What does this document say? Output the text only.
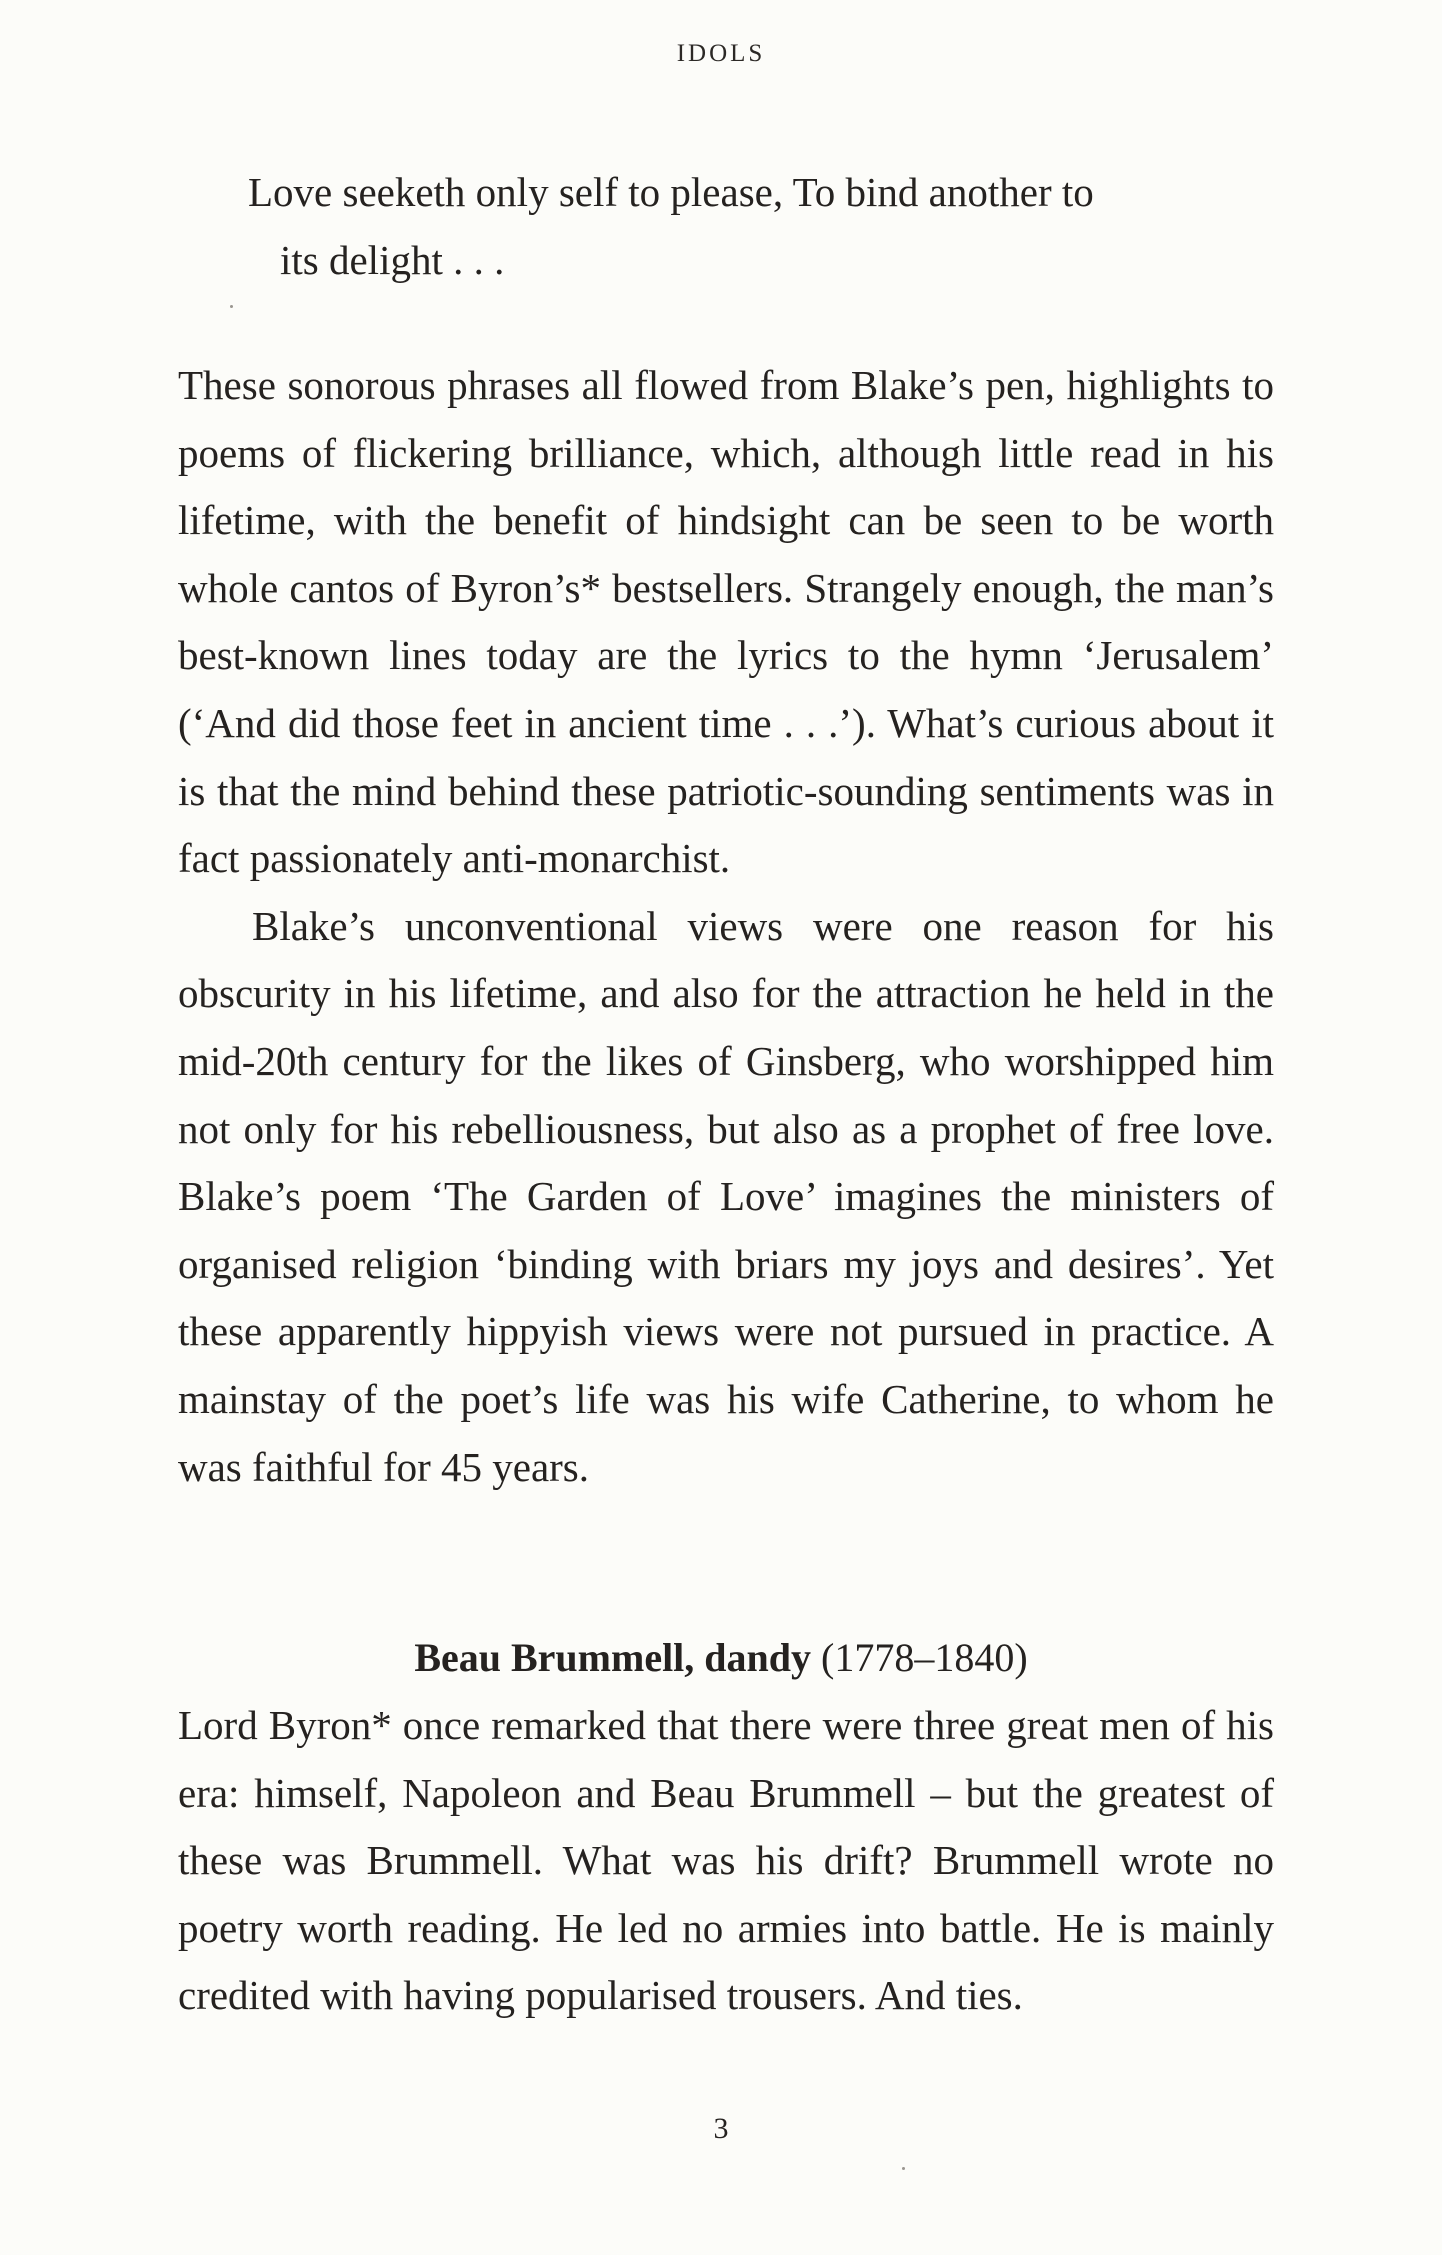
IDOLS
Love seeketh only self to please, To bind another to
its delight . . .

These sonorous phrases all flowed from Blake’s pen, highlights to poems of flickering brilliance, which, although little read in his lifetime, with the benefit of hindsight can be seen to be worth whole cantos of Byron’s* bestsellers. Strangely enough, the man’s best-known lines today are the lyrics to the hymn ‘Jerusalem’ (‘And did those feet in ancient time . . .’). What’s curious about it is that the mind behind these patriotic-sounding sentiments was in fact passionately anti-monarchist.

Blake’s unconventional views were one reason for his obscurity in his lifetime, and also for the attraction he held in the mid-20th century for the likes of Ginsberg, who worshipped him not only for his rebelliousness, but also as a prophet of free love. Blake’s poem ‘The Garden of Love’ imagines the ministers of organised religion ‘binding with briars my joys and desires’. Yet these apparently hippyish views were not pursued in practice. A mainstay of the poet’s life was his wife Catherine, to whom he was faithful for 45 years.

Beau Brummell, dandy (1778–1840)

Lord Byron* once remarked that there were three great men of his era: himself, Napoleon and Beau Brummell – but the greatest of these was Brummell. What was his drift? Brummell wrote no poetry worth reading. He led no armies into battle. He is mainly credited with having popularised trousers. And ties.

3
